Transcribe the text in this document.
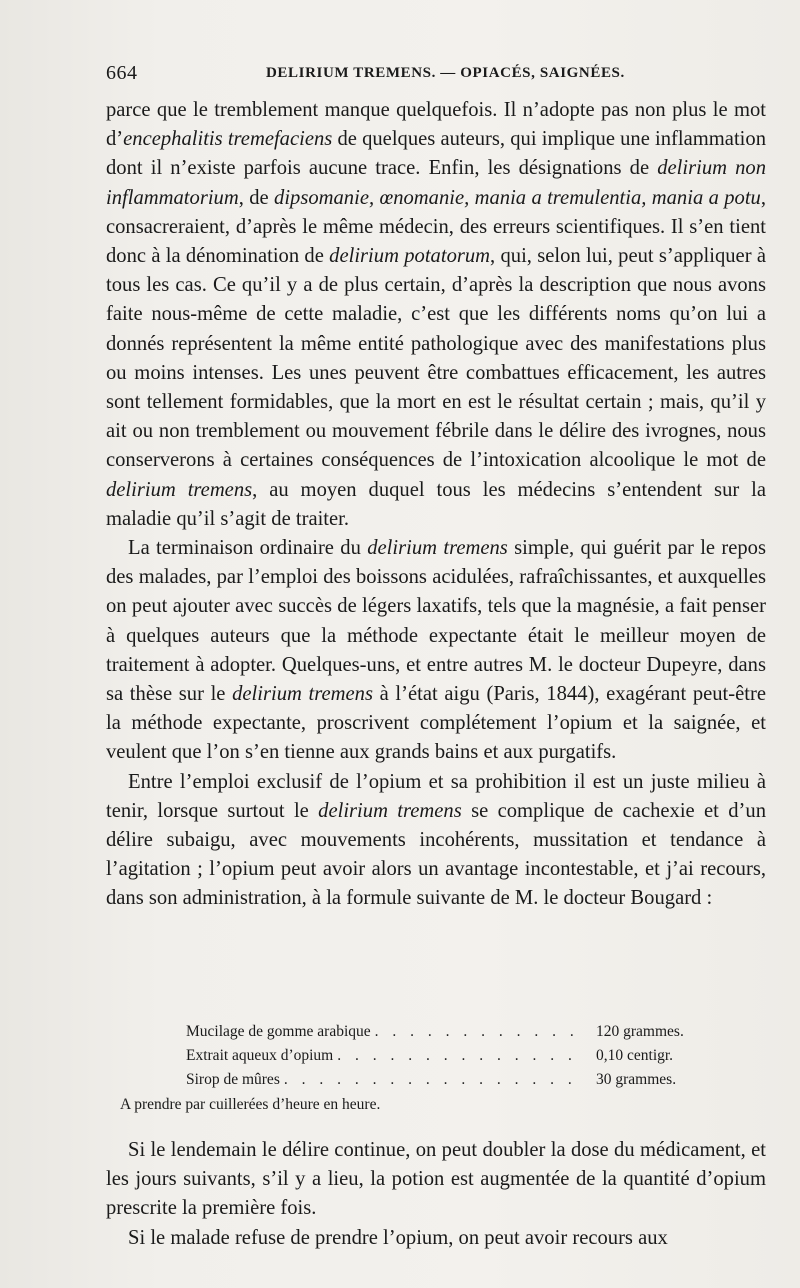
664	DELIRIUM TREMENS. — OPIACÉS, SAIGNÉES.

parce que le tremblement manque quelquefois. Il n’adopte pas non plus le mot d’encephalitis tremefaciens de quelques auteurs, qui implique une inflammation dont il n’existe parfois aucune trace. Enfin, les désignations de delirium non inflammatorium, de dipsomanie, œnomanie, mania a tremulentia, mania a potu, consacreraient, d’après le même médecin, des erreurs scientifiques. Il s’en tient donc à la dénomination de delirium potatorum, qui, selon lui, peut s’appliquer à tous les cas. Ce qu’il y a de plus certain, d’après la description que nous avons faite nous-même de cette maladie, c’est que les différents noms qu’on lui a donnés représentent la même entité pathologique avec des manifestations plus ou moins intenses. Les unes peuvent être combattues efficacement, les autres sont tellement formidables, que la mort en est le résultat certain ; mais, qu’il y ait ou non tremblement ou mouvement fébrile dans le délire des ivrognes, nous conserverons à certaines conséquences de l’intoxication alcoolique le mot de delirium tremens, au moyen duquel tous les médecins s’entendent sur la maladie qu’il s’agit de traiter.

La terminaison ordinaire du delirium tremens simple, qui guérit par le repos des malades, par l’emploi des boissons acidulées, rafraîchissantes, et auxquelles on peut ajouter avec succès de légers laxatifs, tels que la magnésie, a fait penser à quelques auteurs que la méthode expectante était le meilleur moyen de traitement à adopter. Quelques-uns, et entre autres M. le docteur Dupeyre, dans sa thèse sur le delirium tremens à l’état aigu (Paris, 1844), exagérant peut-être la méthode expectante, proscrivent complétement l’opium et la saignée, et veulent que l’on s’en tienne aux grands bains et aux purgatifs.

Entre l’emploi exclusif de l’opium et sa prohibition il est un juste milieu à tenir, lorsque surtout le delirium tremens se complique de cachexie et d’un délire subaigu, avec mouvements incohérents, mussitation et tendance à l’agitation ; l’opium peut avoir alors un avantage incontestable, et j’ai recours, dans son administration, à la formule suivante de M. le docteur Bougard :

Mucilage de gomme arabique . . .	120 grammes.
Extrait aqueux d’opium . . .	0,10 centigr.
Sirop de mûres . . .	30 grammes.
A prendre par cuillerées d’heure en heure.

Si le lendemain le délire continue, on peut doubler la dose du médicament, et les jours suivants, s’il y a lieu, la potion est augmentée de la quantité d’opium prescrite la première fois.

Si le malade refuse de prendre l’opium, on peut avoir recours aux
